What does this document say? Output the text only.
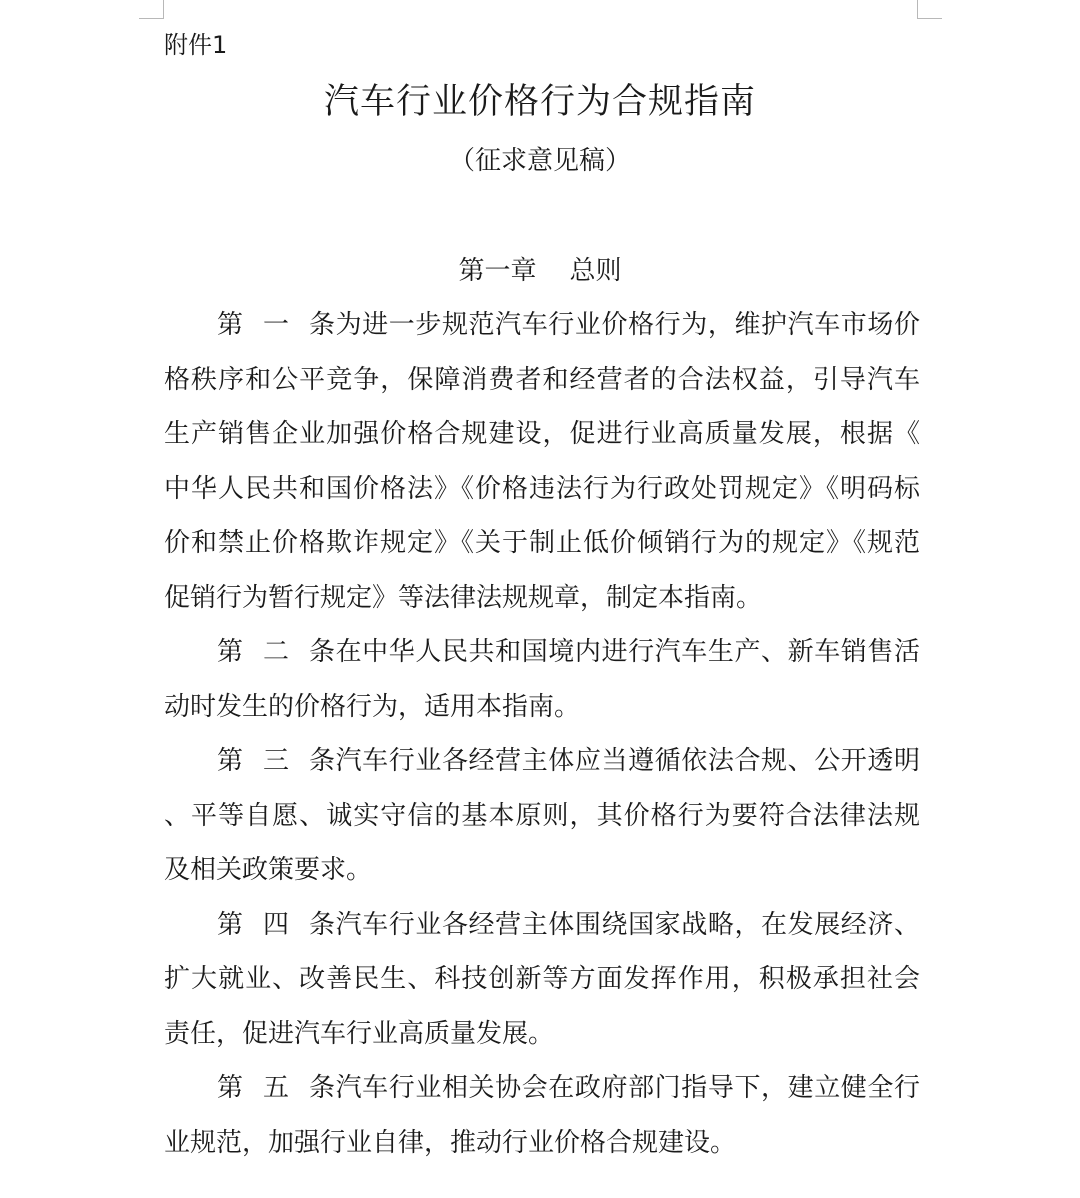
附件1
汽车行业价格行为合规指南
（征求意见稿）
第一章    总则
第一条为进一步规范汽车行业价格行为，维护汽车市场价
格秩序和公平竞争，保障消费者和经营者的合法权益，引导汽车
生产销售企业加强价格合规建设，促进行业高质量发展，根据《
中华人民共和国价格法》《价格违法行为行政处罚规定》《明码标
价和禁止价格欺诈规定》《关于制止低价倾销行为的规定》《规范
促销行为暂行规定》等法律法规规章，制定本指南。
第二条在中华人民共和国境内进行汽车生产、新车销售活
动时发生的价格行为，适用本指南。
第三条汽车行业各经营主体应当遵循依法合规、公开透明
、平等自愿、诚实守信的基本原则，其价格行为要符合法律法规
及相关政策要求。
第四条汽车行业各经营主体围绕国家战略，在发展经济、
扩大就业、改善民生、科技创新等方面发挥作用，积极承担社会
责任，促进汽车行业高质量发展。
第五条汽车行业相关协会在政府部门指导下，建立健全行
业规范，加强行业自律，推动行业价格合规建设。
